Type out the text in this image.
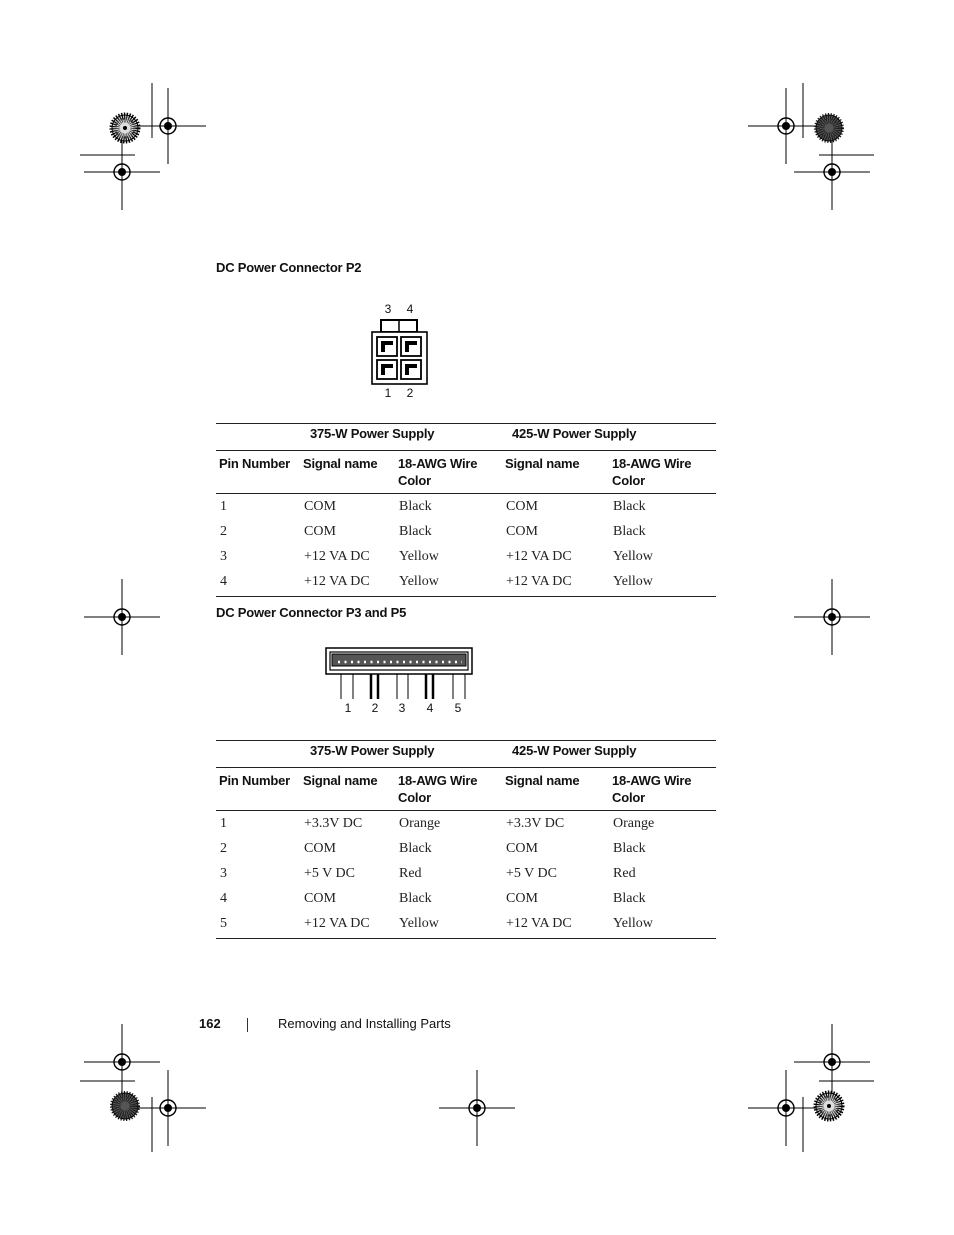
DC Power Connector P2
3 4
1 2
	375-W Power Supply		425-W Power Supply	
Pin Number	Signal name	18-AWG Wire Color	Signal name	18-AWG Wire Color
1	COM	Black	COM	Black
2	COM	Black	COM	Black
3	+12 VA DC	Yellow	+12 VA DC	Yellow
4	+12 VA DC	Yellow	+12 VA DC	Yellow
DC Power Connector P3 and P5
1 2 3 4 5
	375-W Power Supply		425-W Power Supply	
Pin Number	Signal name	18-AWG Wire Color	Signal name	18-AWG Wire Color
1	+3.3V DC	Orange	+3.3V DC	Orange
2	COM	Black	COM	Black
3	+5 V DC	Red	+5 V DC	Red
4	COM	Black	COM	Black
5	+12 VA DC	Yellow	+12 VA DC	Yellow
162	Removing and Installing Parts
